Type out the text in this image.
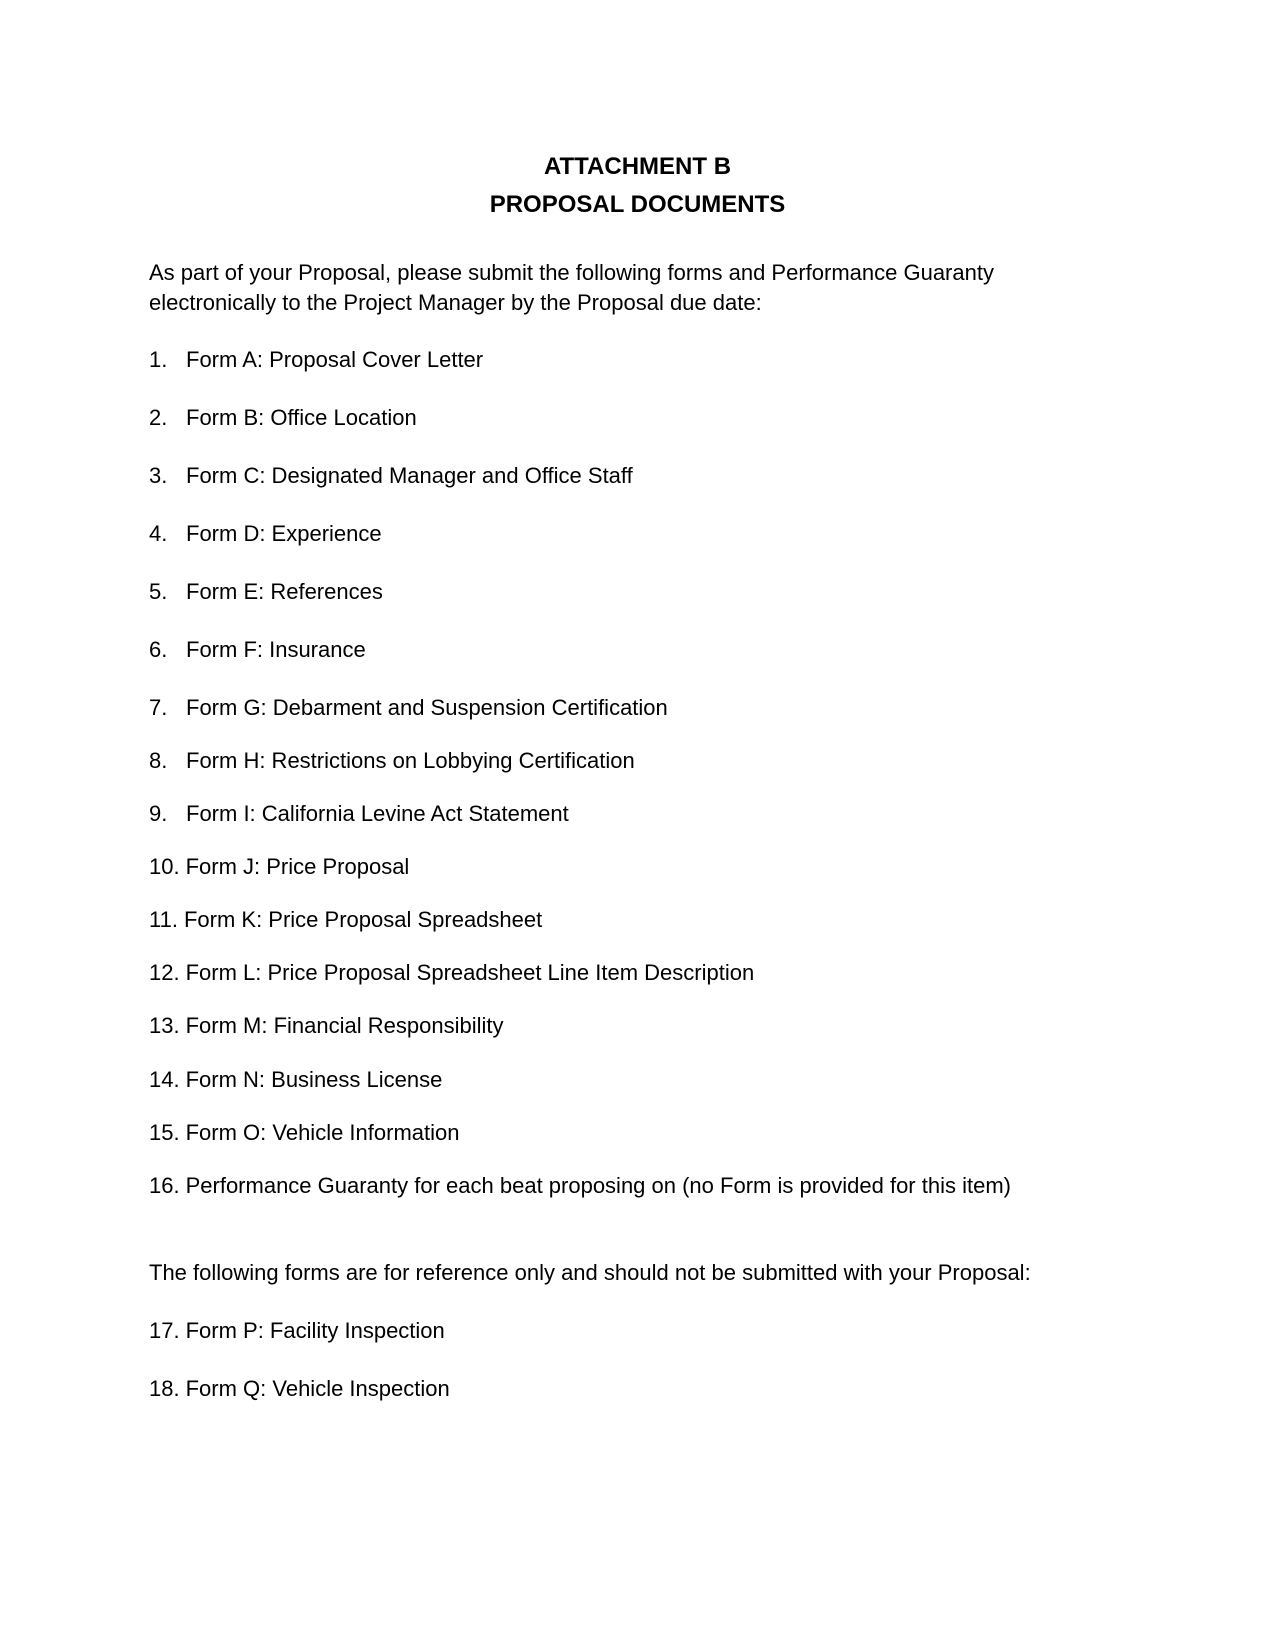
ATTACHMENT B
PROPOSAL DOCUMENTS
As part of your Proposal, please submit the following forms and Performance Guaranty electronically to the Project Manager by the Proposal due date:
1. Form A: Proposal Cover Letter
2. Form B: Office Location
3. Form C: Designated Manager and Office Staff
4. Form D: Experience
5. Form E: References
6. Form F: Insurance
7. Form G: Debarment and Suspension Certification
8. Form H: Restrictions on Lobbying Certification
9. Form I: California Levine Act Statement
10. Form J: Price Proposal
11. Form K: Price Proposal Spreadsheet
12. Form L: Price Proposal Spreadsheet Line Item Description
13. Form M: Financial Responsibility
14. Form N: Business License
15. Form O: Vehicle Information
16. Performance Guaranty for each beat proposing on (no Form is provided for this item)
The following forms are for reference only and should not be submitted with your Proposal:
17. Form P: Facility Inspection
18. Form Q: Vehicle Inspection
